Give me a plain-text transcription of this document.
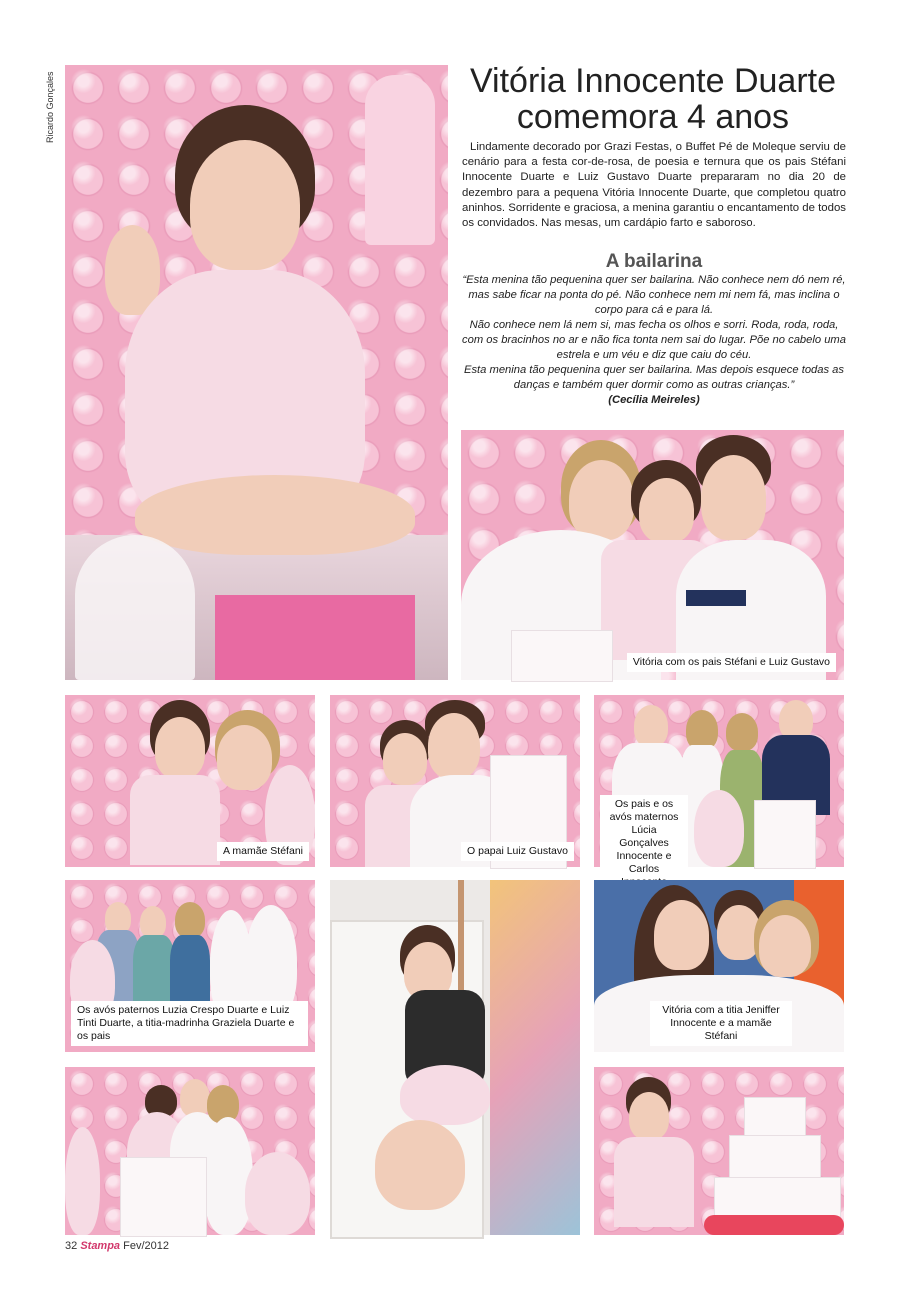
Ricardo Gonçales	Vitória Innocente Duarte
comemora 4 anos
Lindamente decorado por Grazi Festas, o Buffet Pé de Moleque serviu de cenário para a festa cor-de-rosa, de poesia e ternura que os pais Stéfani Innocente Duarte e Luiz Gustavo Duarte prepararam no dia 20 de dezembro para a pequena Vitória Innocente Duarte, que completou quatro aninhos. Sorridente e graciosa, a menina garantiu o encantamento de todos os convidados. Nas mesas, um cardápio farto e saboroso.
A bailarina

“Esta menina tão pequenina quer ser bailarina. Não conhece nem dó nem ré, mas sabe ficar na ponta do pé. Não conhece nem mi nem fá, mas inclina o corpo para cá e para lá.

Não conhece nem lá nem si, mas fecha os olhos e sorri. Roda, roda, roda, com os bracinhos no ar e não fica tonta nem sai do lugar. Põe no cabelo uma estrela e um véu e diz que caiu do céu.

Esta menina tão pequenina quer ser bailarina. Mas depois esquece todas as danças e também quer dormir como as outras crianças.”

(Cecília Meireles)

Vitória com os pais Stéfani e Luiz Gustavo
A mamãe Stéfani	O papai Luiz Gustavo
Os pais e os avós maternos Lúcia Gonçalves Innocente e Carlos
Os avós paternos Luzia Crespo Duarte e Luiz Tinti Duarte, a titia-madrinha Graziela Duarte e os pais
Vitória com a titia Jeniffer Innocente e a mamãe Stéfani
32 Stampa Fev/2012
